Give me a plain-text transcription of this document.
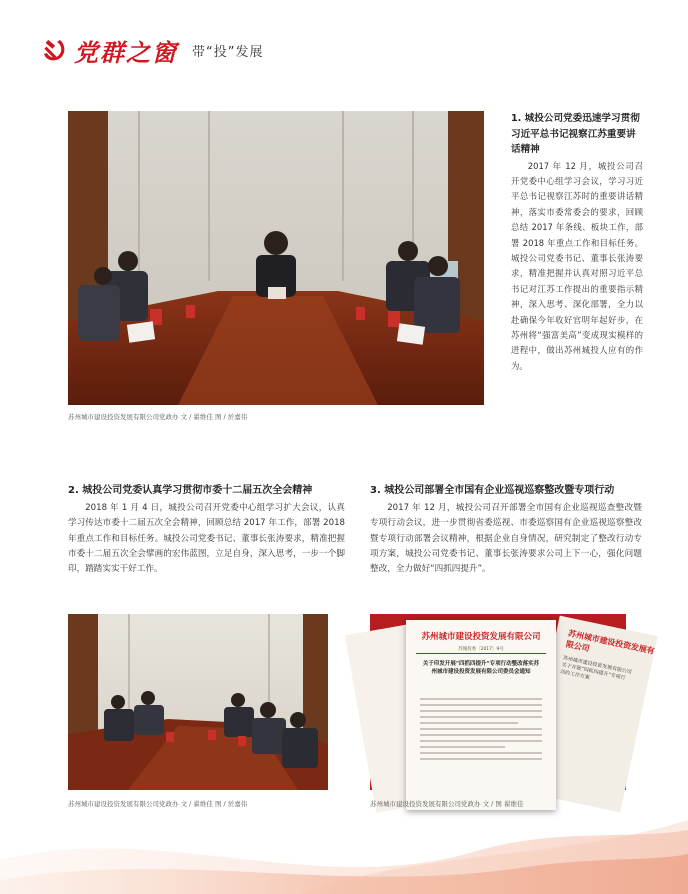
党群之窗 带“投”发展
苏州城市建设投资发展有限公司党政办 文 / 翟维佳 图 / 於嘉伟
1. 城投公司党委迅速学习贯彻习近平总书记视察江苏重要讲话精神
2017 年 12 月，城投公司召开党委中心组学习会议，学习习近平总书记视察江苏时的重要讲话精神，落实市委常委会的要求，回顾总结 2017 年条线、板块工作，部署 2018 年重点工作和目标任务。城投公司党委书记、董事长张涛要求，精准把握并认真对照习近平总书记对江苏工作提出的重要指示精神，深入思考、深化部署，全力以赴确保今年收好官明年起好步，在苏州将“强富美高”变成现实模样的进程中，做出苏州城投人应有的作为。
2. 城投公司党委认真学习贯彻市委十二届五次全会精神
2018 年 1 月 4 日，城投公司召开党委中心组学习扩大会议，认真学习传达市委十二届五次全会精神，回顾总结 2017 年工作，部署 2018 年重点工作和目标任务。城投公司党委书记、董事长张涛要求，精准把握市委十二届五次全会擘画的宏伟蓝图，立足自身，深入思考，一步一个脚印，踏踏实实干好工作。
3. 城投公司部署全市国有企业巡视巡察整改暨专项行动
2017 年 12 月，城投公司召开部署全市国有企业巡视巡查整改暨专项行动会议，进一步贯彻省委巡视、市委巡察国有企业巡视巡察整改暨专项行动部署会议精神，根据企业自身情况，研究制定了整改行动专项方案，城投公司党委书记、董事长张涛要求公司上下一心，强化问题整改，全力做好“四抓四提升”。
苏州城市建设投资发展有限公司党政办 文 / 翟维佳 图 / 於嘉伟
苏州城市建设投资发展有限公司
苏州城市建设投资发展有限公司关于开展“四抓四提升”专项行动的工作方案
苏州城市建设投资发展有限公司
苏城投委〔2017〕9号
关于印发开展“四抓四提升”专项行动整改落实苏州城市建设投资发展有限公司委员会通知
苏州城市建设投资发展有限公司党政办 文 / 图 翟维佳
